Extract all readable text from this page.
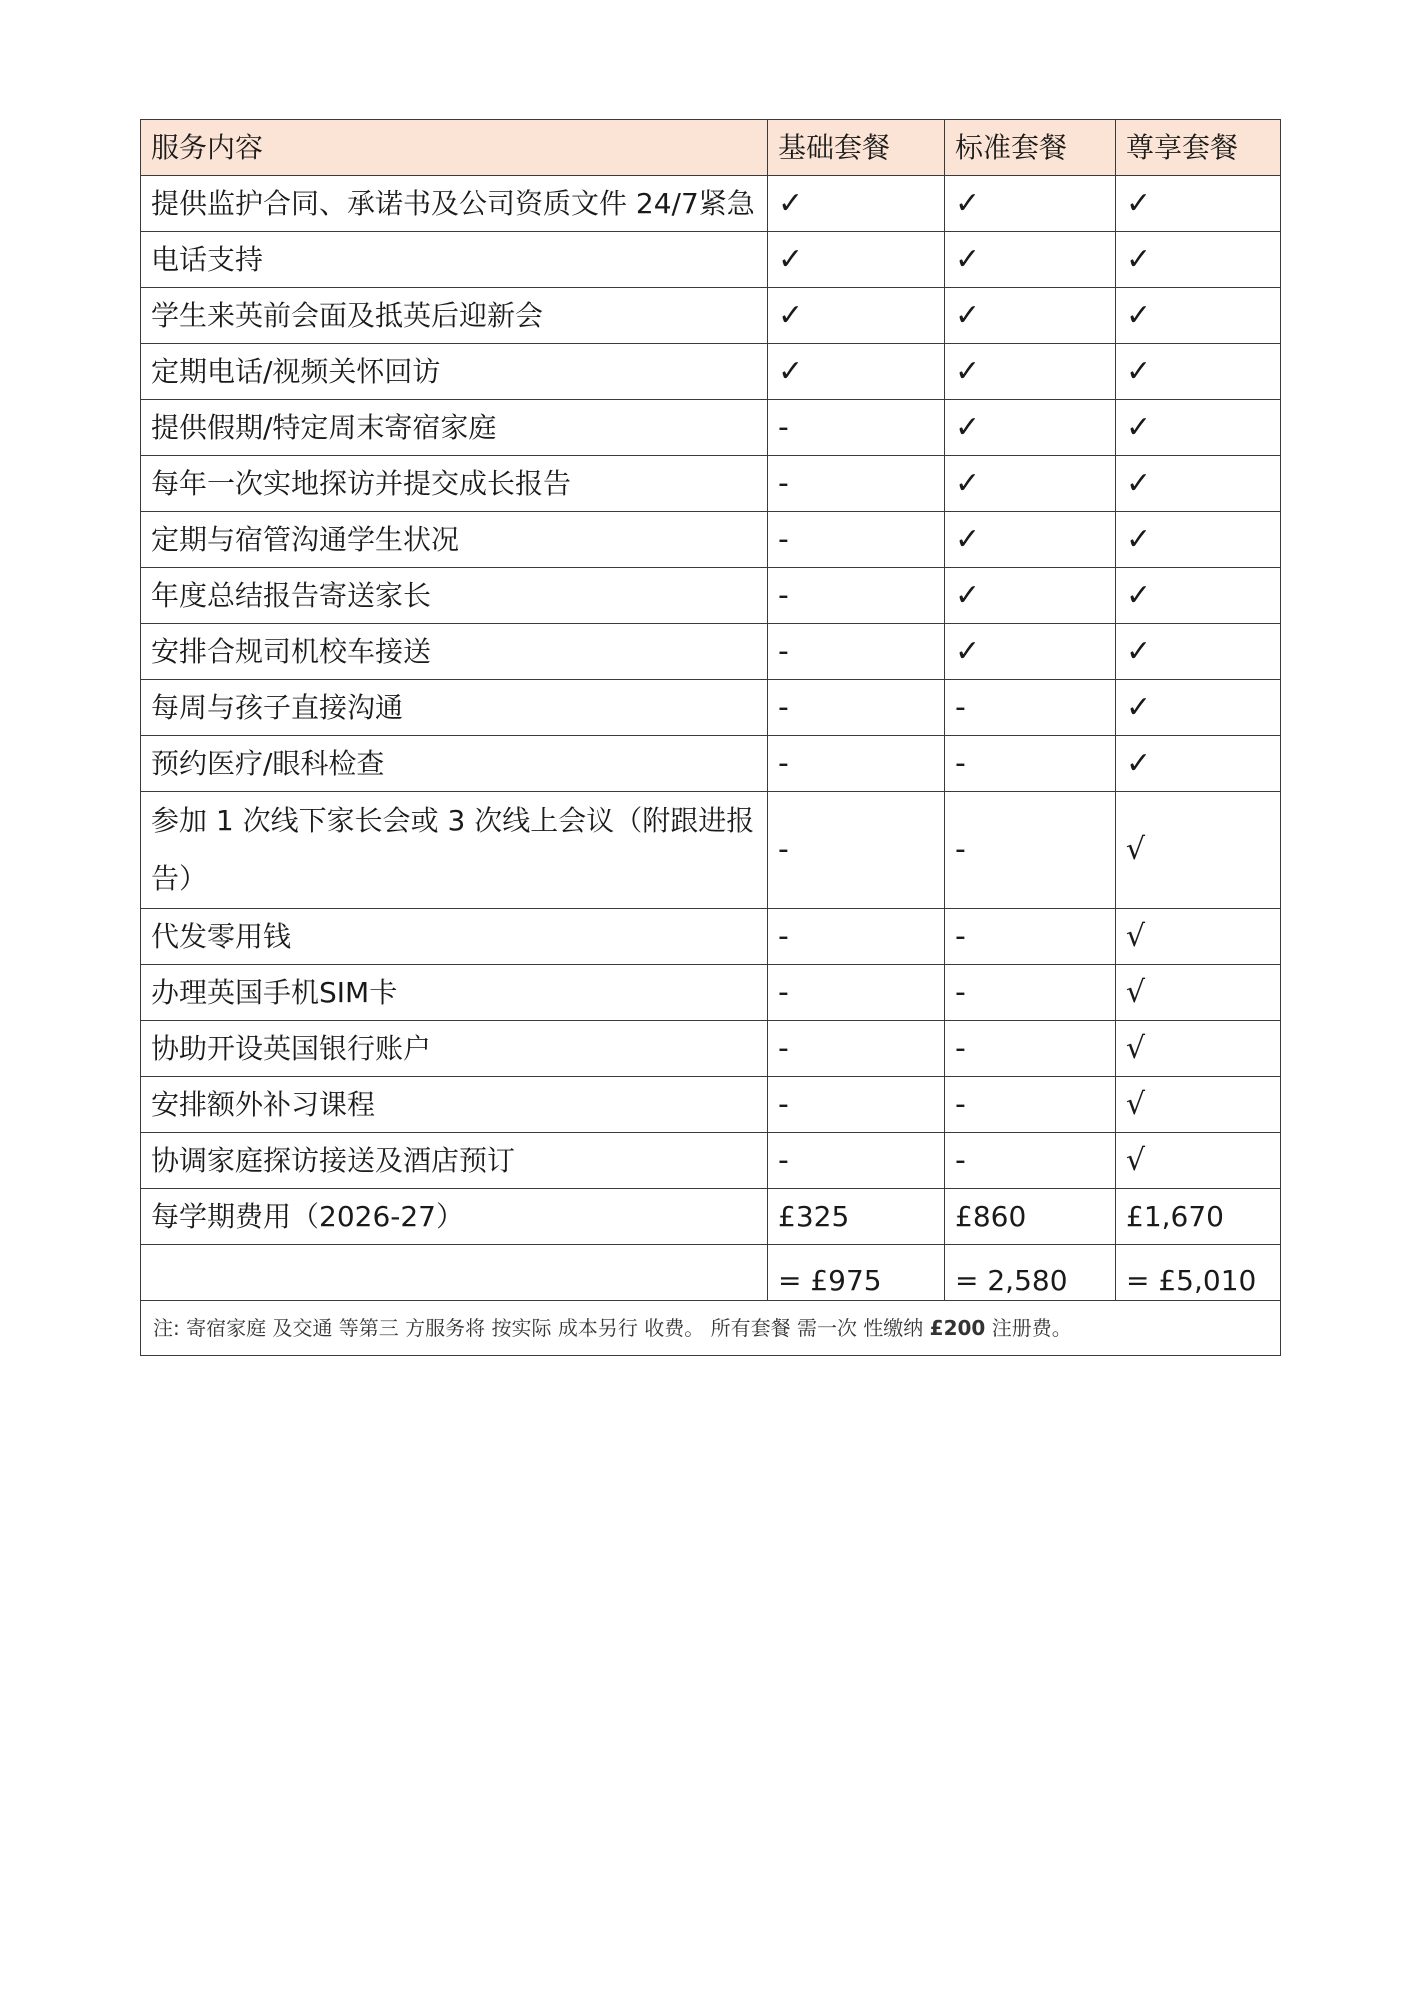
服务内容	基础套餐	标准套餐	尊享套餐
提供监护合同、承诺书及公司资质文件 24/7紧急	✓	✓	✓
电话支持	✓	✓	✓
学生来英前会面及抵英后迎新会	✓	✓	✓
定期电话/视频关怀回访	✓	✓	✓
提供假期/特定周末寄宿家庭	-	✓	✓
每年一次实地探访并提交成长报告	-	✓	✓
定期与宿管沟通学生状况	-	✓	✓
年度总结报告寄送家长	-	✓	✓
安排合规司机校车接送	-	✓	✓
每周与孩子直接沟通	-	-	✓
预约医疗/眼科检查	-	-	✓
参加 1 次线下家长会或 3 次线上会议（附跟进报告）	-	-	√
代发零用钱	-	-	√
办理英国手机SIM卡	-	-	√
协助开设英国银行账户	-	-	√
安排额外补习课程	-	-	√
协调家庭探访接送及酒店预订	-	-	√
每学期费用（2026-27）	£325	£860	£1,670
	= £975	= 2,580	= £5,010
注: 寄宿家庭 及交通 等第三 方服务将 按实际 成本另行 收费。 所有套餐 需一次 性缴纳 £200 注册费。			
